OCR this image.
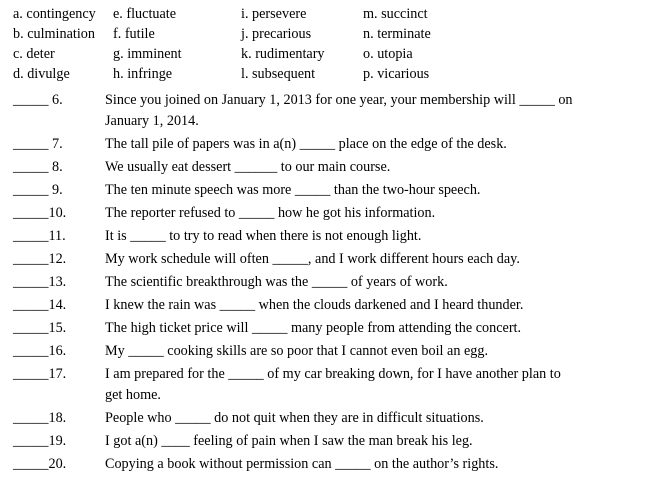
a. contingency e. fluctuate	i. persevere	m. succinct
b. culmination f. futile	j. precarious	n. terminate
c. deter	g. imminent	k. rudimentary	o. utopia
d. divulge	h. infringe	l. subsequent	p. vicarious
_____ 6.	Since you joined on January 1, 2013 for one year, your membership will _____ on
January 1, 2014.
_____ 7.	The tall pile of papers was in a(n) _____ place on the edge of the desk.
_____ 8.	We usually eat dessert ______ to our main course.
_____ 9.	The ten minute speech was more _____ than the two-hour speech.
_____10.	The reporter refused to _____ how he got his information.
_____11.	It is _____ to try to read when there is not enough light.
_____12.	My work schedule will often _____, and I work different hours each day.
_____13.	The scientific breakthrough was the _____ of years of work.
_____14.	I knew the rain was _____ when the clouds darkened and I heard thunder.
_____15.	The high ticket price will _____ many people from attending the concert.
_____16.	My _____ cooking skills are so poor that I cannot even boil an egg.
_____17.	I am prepared for the _____ of my car breaking down, for I have another plan to
get home.
_____18.	People who _____ do not quit when they are in difficult situations.
_____19.	I got a(n) ____ feeling of pain when I saw the man break his leg.
_____20.	Copying a book without permission can _____ on the author’s rights.
